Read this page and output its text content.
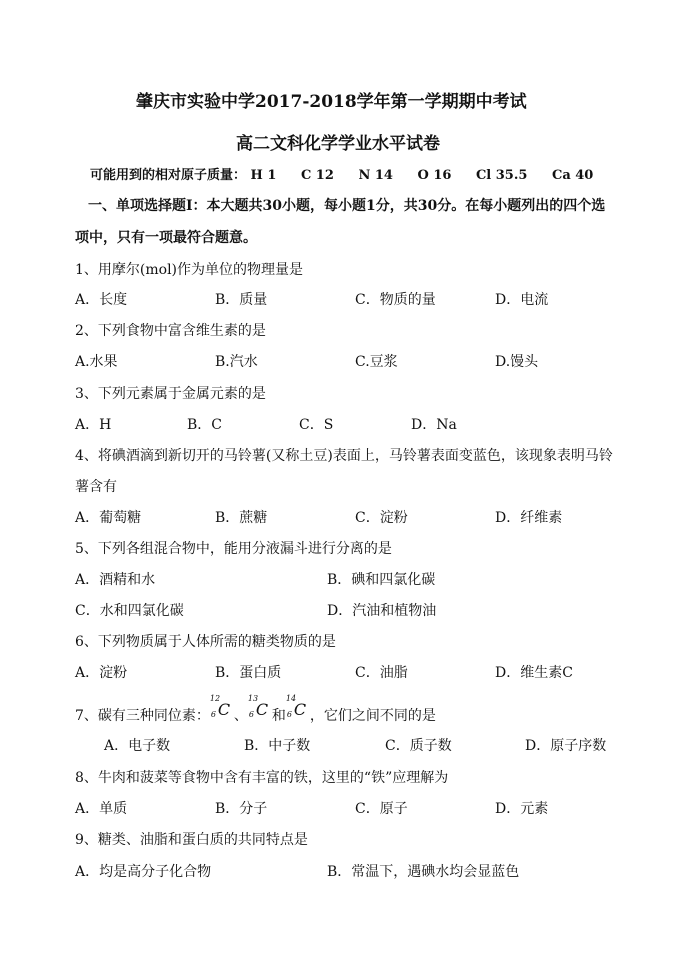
肇庆市实验中学2017-2018学年第一学期期中考试
高二文科化学学业水平试卷
可能用到的相对原子质量： H 1 C 12 N 14 O 16 Cl 35.5 Ca 40
一、单项选择题Ⅰ：本大题共30小题，每小题1分，共30分。在每小题列出的四个选
项中，只有一项最符合题意。
1、用摩尔(mol)作为单位的物理量是
A．长度	B．质量	C．物质的量	D．电流
2、下列食物中富含维生素的是
A.水果	B.汽水	C.豆浆	D.馒头
3、下列元素属于金属元素的是
A．H	B．C	C．S	D．Na
4、将碘酒滴到新切开的马铃薯(又称土豆)表面上，马铃薯表面变蓝色，该现象表明马铃
薯含有
A．葡萄糖	B．蔗糖	C．淀粉	D．纤维素
5、下列各组混合物中，能用分液漏斗进行分离的是
A．酒精和水	B．碘和四氯化碳
C．水和四氯化碳	D．汽油和植物油
6、下列物质属于人体所需的糖类物质的是
A．淀粉	B．蛋白质	C．油脂	D．维生素C
7、碳有三种同位素：
12
6 C 、
13
6 C 和
14
6 C ，它们之间不同的是
A．电子数	B．中子数	C．质子数	D．原子序数
8、牛肉和菠菜等食物中含有丰富的铁，这里的“铁”应理解为
A．单质	B．分子	C．原子	D．元素
9、糖类、油脂和蛋白质的共同特点是
A．均是高分子化合物	B．常温下，遇碘水均会显蓝色
